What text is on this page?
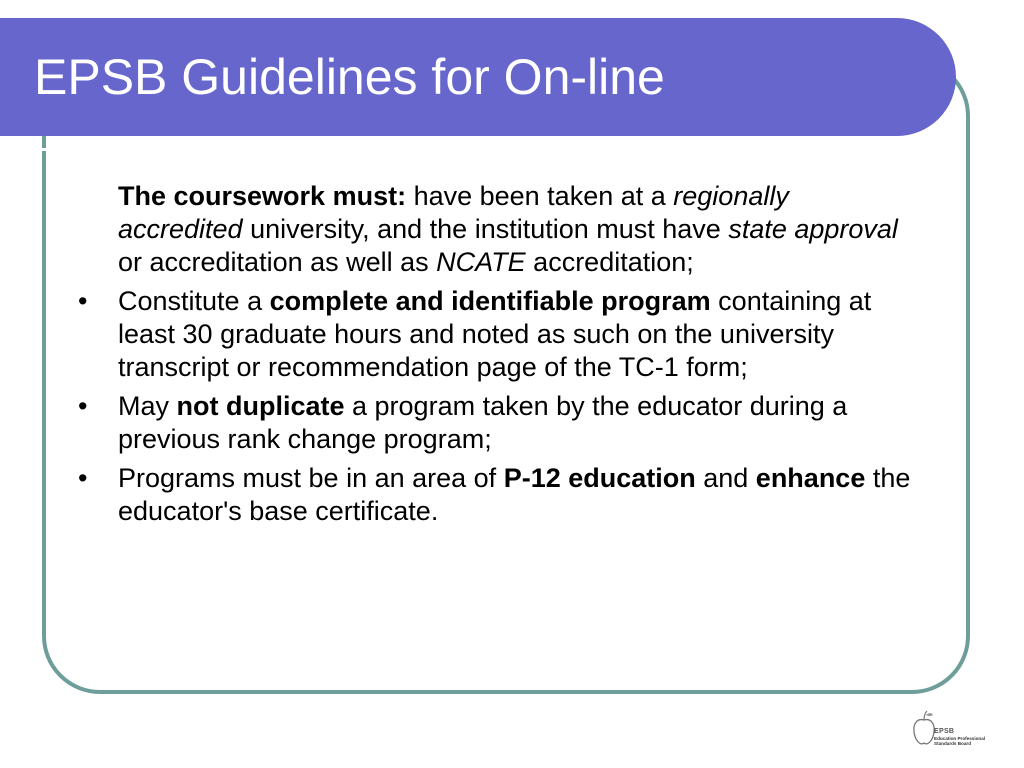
EPSB Guidelines for On-line
The coursework must: have been taken at a regionally accredited university, and the institution must have state approval or accreditation as well as NCATE accreditation;
•	Constitute a complete and identifiable program containing at least 30 graduate hours and noted as such on the university transcript or recommendation page of the TC-1 form;
•	May not duplicate a program taken by the educator during a previous rank change program;
•	Programs must be in an area of P-12 education and enhance the educator's base certificate.
EPSB
Education Professional Standards Board
